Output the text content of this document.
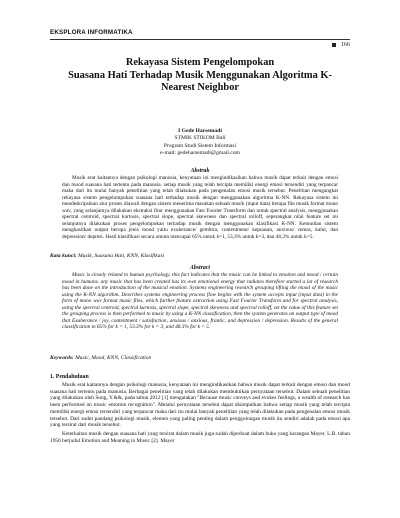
EKSPLORA INFORMATIKA
166
Rekayasa Sistem Pengelompokan
Suasana Hati Terhadap Musik Menggunakan Algoritma K-
Nearest Neighbor
I Gede Harsemadi
STMIK STIKOM Bali
Program Studi Sistem Informasi
e-mail: gedeharsemadi@gmail.com
Abstrak

Musik erat kaitannya dengan psikologi manusia, kenyataan ini mengindikasikan bahwa musik dapat terkait dengan emosi dan mood suasana hati tertentu pada manusia. setiap musik yang telah tercipta memiliki energi emosi tersendiri yang terpancar maka dari itu mulai banyak penelitian yang telah dilakukan pada pengenalan emosi musik tersebut. Penelitian mengangkat rekayasa sistem pengelompokan suasana hati terhadap musik dengan menggunakan algoritma K-NN. Rekayasa sistem ini mendeskripsikan alur proses diawali dengan sistem menerima masukan sebuah musik (input data) berupa file musik format mono wav, yang selanjutnya dilakukan ekstraksi fitur menggunakan Fast Fourier Transform dan untuk spectral analysis, menggunakan spectral centroid, spectral kurtosis, spectral slope, spectral skewness dan spectral rolloff, seperangkat nilai feature set ini selanjutnya dilakukan proses pengelompokan terhadap musik dengan menggunakan klasifikasi K-NN. Kemudian sistem menghasilkan output berupa jenis mood yaitu exuberance/ gembira, contentment/ kepuasan, anxious/ cemas, kalut, dan depression/ depresi. Hasil klasifikasi secara umum mencapai 65% untuk k=1, 53,3% untuk k=3, dan 48,3% untuk k=5.

Kata kunci: Musik, Suasana Hati, KNN, Klasifikasi
Abstract

Music is closely related to human psychology, this fact indicates that the music can be linked to emotion and mood / certain mood in humans. any music that has been created has its own emotional energy that radiates therefore started a lot of research has been done on the introduction of the musical emotion. Systems engineering research grouping lifting the mood of the music using the K-NN algorithm. Describes systems engineering process flow begins with the system accepts input (input data) in the form of mono wav format music files, which further feature extraction using Fast Fourier Transform and for spectral analysis, using the spectral centroid, spectral kurtosis, spectral slope, spectral skewness and spectral rolloff, set the value of this feature set the grouping process is then performed to music by using a K-NN classification, then the system generates an output type of mood that Exuberance / joy, contentment / satisfaction, anxious / anxious, frantic, and depression / depression. Results of the general classification to 65% for k = 1, 53.3% for k = 3, and 48.3% for k = 5.

Keywords: Music, Mood, KNN, Classification
1. Pendahuluan

Musik erat kaitannya dengan psikologi manusia, kenyataan ini mengindikasikan bahwa musik dapat terkait dengan emosi dan mood suasana hati tertentu pada manusia. Berbagai penelitian yang telah dilakukan membuktikan pernyataan tersebut. Dalam sebuah penelitian yang dilakukan oleh Song, Y.&&, pada tahun 2012 [1] mengatakan "Because music conveys and evokes feelings, a wealth of research has been performed on music emotion recognition". Melalui pernyataan tersebut dapat disimpulkan bahwa setiap musik yang telah tercipta memiliki energi emosi tersendiri yang terpancar maka dari itu mulai banyak penelitian yang telah dilakukan pada pengenalan emosi musik tersebut. Dari sudut pandang psikologi musik, elemen yang paling penting dalam penggolongan musik itu sendiri adalah pada emosi apa yang tersirat dari musik tersebut.

Keterkaitan musik dengan suasana hati yang tersirat dalam musik juga sudah diperkuat dalam buku yang karangan Mayer, L.B. tahun 1956 berjudul Emotion and Meaning in Music [2]. Mayer
